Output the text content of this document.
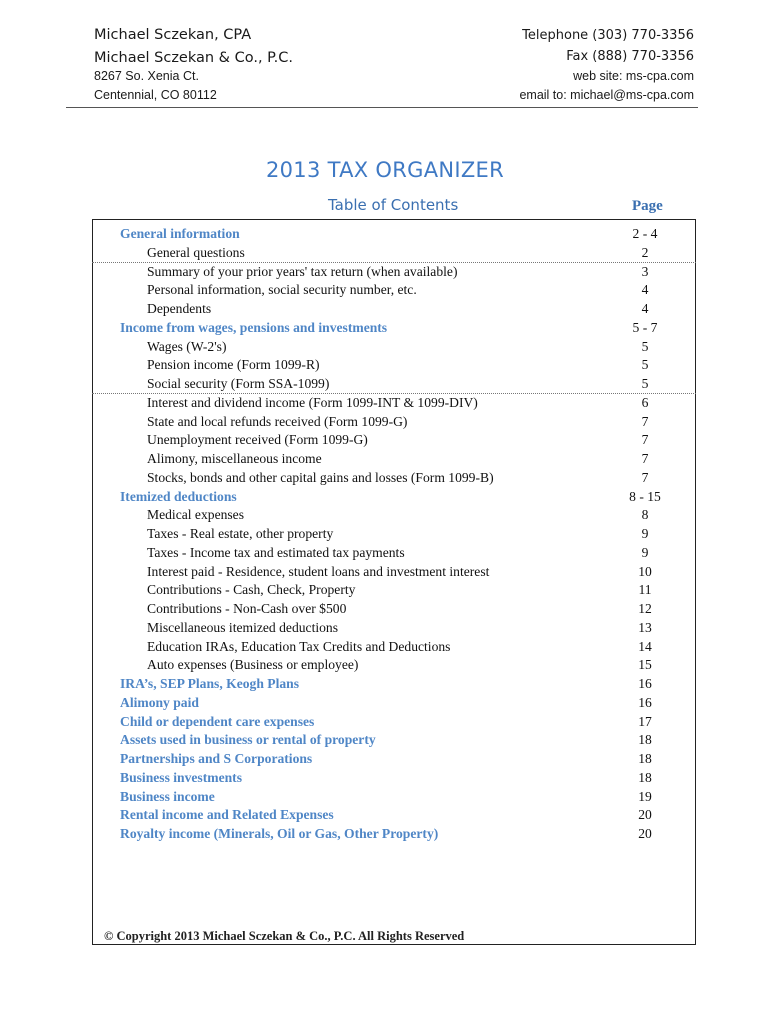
Michael Sczekan, CPA
Michael Sczekan & Co., P.C.
8267 So. Xenia Ct.
Centennial, CO 80112
Telephone (303) 770-3356
Fax (888) 770-3356
web site: ms-cpa.com
email to: michael@ms-cpa.com
2013 TAX ORGANIZER
Table of Contents	Page
General information	2 - 4
General questions	2
Summary of your prior years' tax return (when available)	3
Personal information, social security number, etc.	4
Dependents	4
Income from wages, pensions and investments	5 - 7
Wages (W-2's)	5
Pension income (Form 1099-R)	5
Social security (Form SSA-1099)	5
Interest and dividend income (Form 1099-INT & 1099-DIV)	6
State and local refunds received (Form 1099-G)	7
Unemployment received (Form 1099-G)	7
Alimony, miscellaneous income	7
Stocks, bonds and other capital gains and losses (Form 1099-B)	7
Itemized deductions	8 - 15
Medical expenses	8
Taxes - Real estate, other property	9
Taxes - Income tax and estimated tax payments	9
Interest paid - Residence, student loans and investment interest	10
Contributions - Cash, Check, Property	11
Contributions - Non-Cash over $500	12
Miscellaneous itemized deductions	13
Education IRAs, Education Tax Credits and Deductions	14
Auto expenses (Business or employee)	15
IRA’s, SEP Plans, Keogh Plans	16
Alimony paid	16
Child or dependent care expenses	17
Assets used in business or rental of property	18
Partnerships and S Corporations	18
Business investments	18
Business income	19
Rental income and Related Expenses	20
Royalty income (Minerals, Oil or Gas, Other Property)	20
© Copyright 2013 Michael Sczekan & Co., P.C. All Rights Reserved
